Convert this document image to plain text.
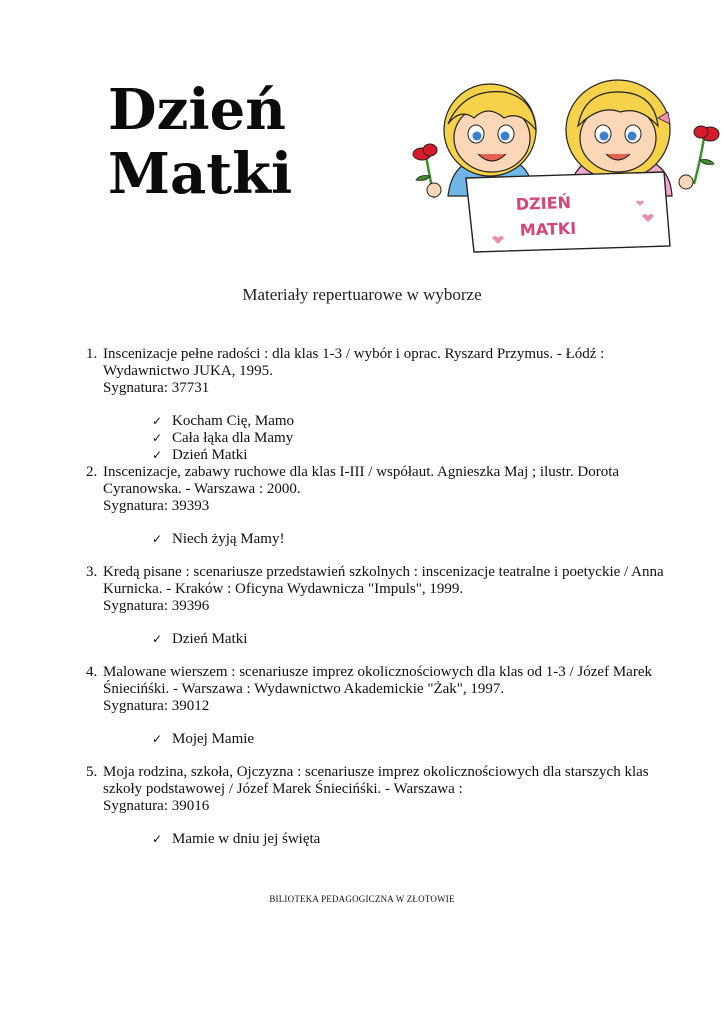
Dzień
Matki	DZIEŃ
MATKI
Materiały repertuarowe w wyborze
1. Inscenizacje pełne radości : dla klas 1-3 / wybór i oprac. Ryszard Przymus. - Łódź : Wydawnictwo JUKA, 1995.
Sygnatura: 37731
✓ Kocham Cię, Mamo
✓ Cała łąka dla Mamy
✓ Dzień Matki
2. Inscenizacje, zabawy ruchowe dla klas I-III / współaut. Agnieszka Maj ; ilustr. Dorota Cyranowska. - Warszawa : 2000.
Sygnatura: 39393
✓ Niech żyją Mamy!
3. Kredą pisane : scenariusze przedstawień szkolnych : inscenizacje teatralne i poetyckie / Anna Kurnicka. - Kraków : Oficyna Wydawnicza "Impuls", 1999.
Sygnatura: 39396
✓ Dzień Matki
4. Malowane wierszem : scenariusze imprez okolicznościowych dla klas od 1-3 / Józef Marek Śniecińśki. - Warszawa : Wydawnictwo Akademickie "Żak", 1997.
Sygnatura: 39012
✓ Mojej Mamie
5. Moja rodzina, szkoła, Ojczyzna : scenariusze imprez okolicznościowych dla starszych klas szkoły podstawowej / Józef Marek Śniecińśki. - Warszawa :
Sygnatura: 39016
✓ Mamie w dniu jej święta
BILIOTEKA PEDAGOGICZNA W ZŁOTOWIE
